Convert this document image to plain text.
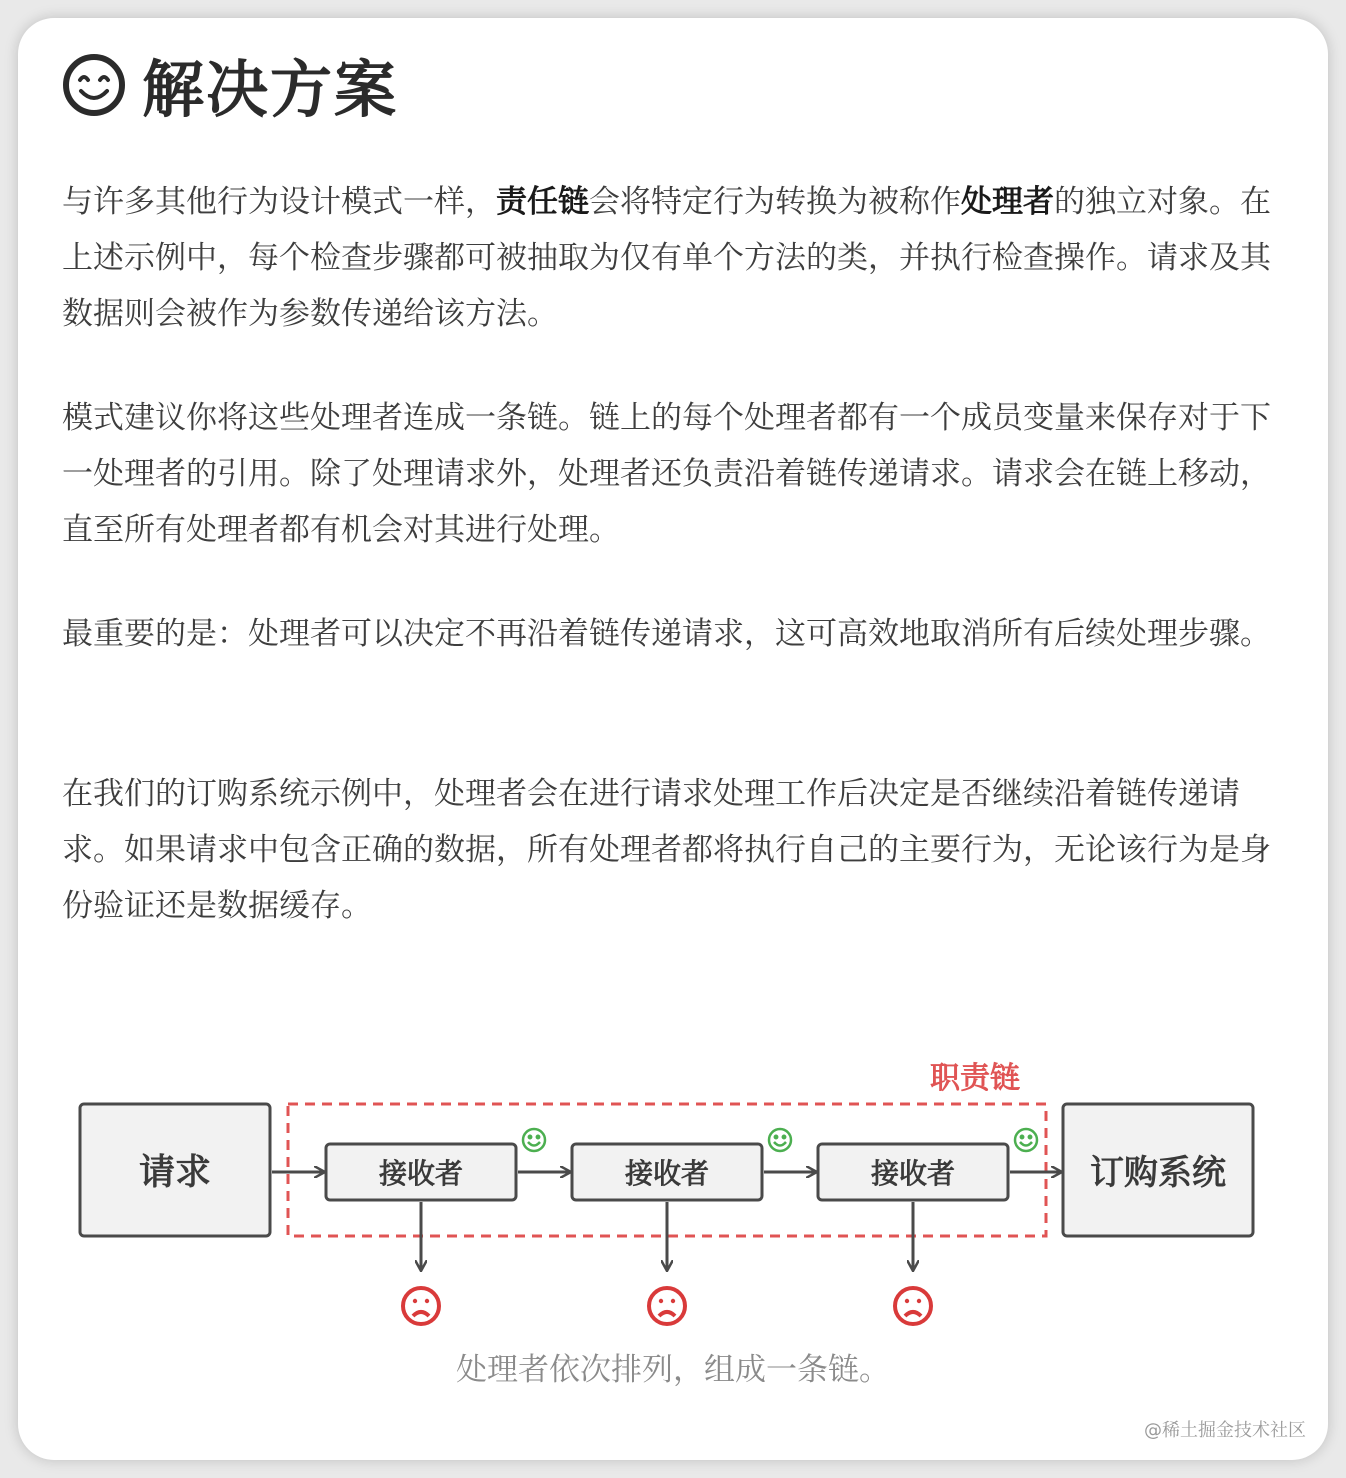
解决方案

与许多其他行为设计模式一样，责任链会将特定行为转换为被称作处理者的独立对象。在上述示例中，每个检查步骤都可被抽取为仅有单个方法的类，并执行检查操作。请求及其数据则会被作为参数传递给该方法。

模式建议你将这些处理者连成一条链。链上的每个处理者都有一个成员变量来保存对于下一处理者的引用。除了处理请求外，处理者还负责沿着链传递请求。请求会在链上移动，直至所有处理者都有机会对其进行处理。

最重要的是：处理者可以决定不再沿着链传递请求，这可高效地取消所有后续处理步骤。

在我们的订购系统示例中，处理者会在进行请求处理工作后决定是否继续沿着链传递请求。如果请求中包含正确的数据，所有处理者都将执行自己的主要行为，无论该行为是身份验证还是数据缓存。

职责链
请求	接收者	接收者	接收者	订购系统
处理者依次排列，组成一条链。
@稀土掘金技术社区
